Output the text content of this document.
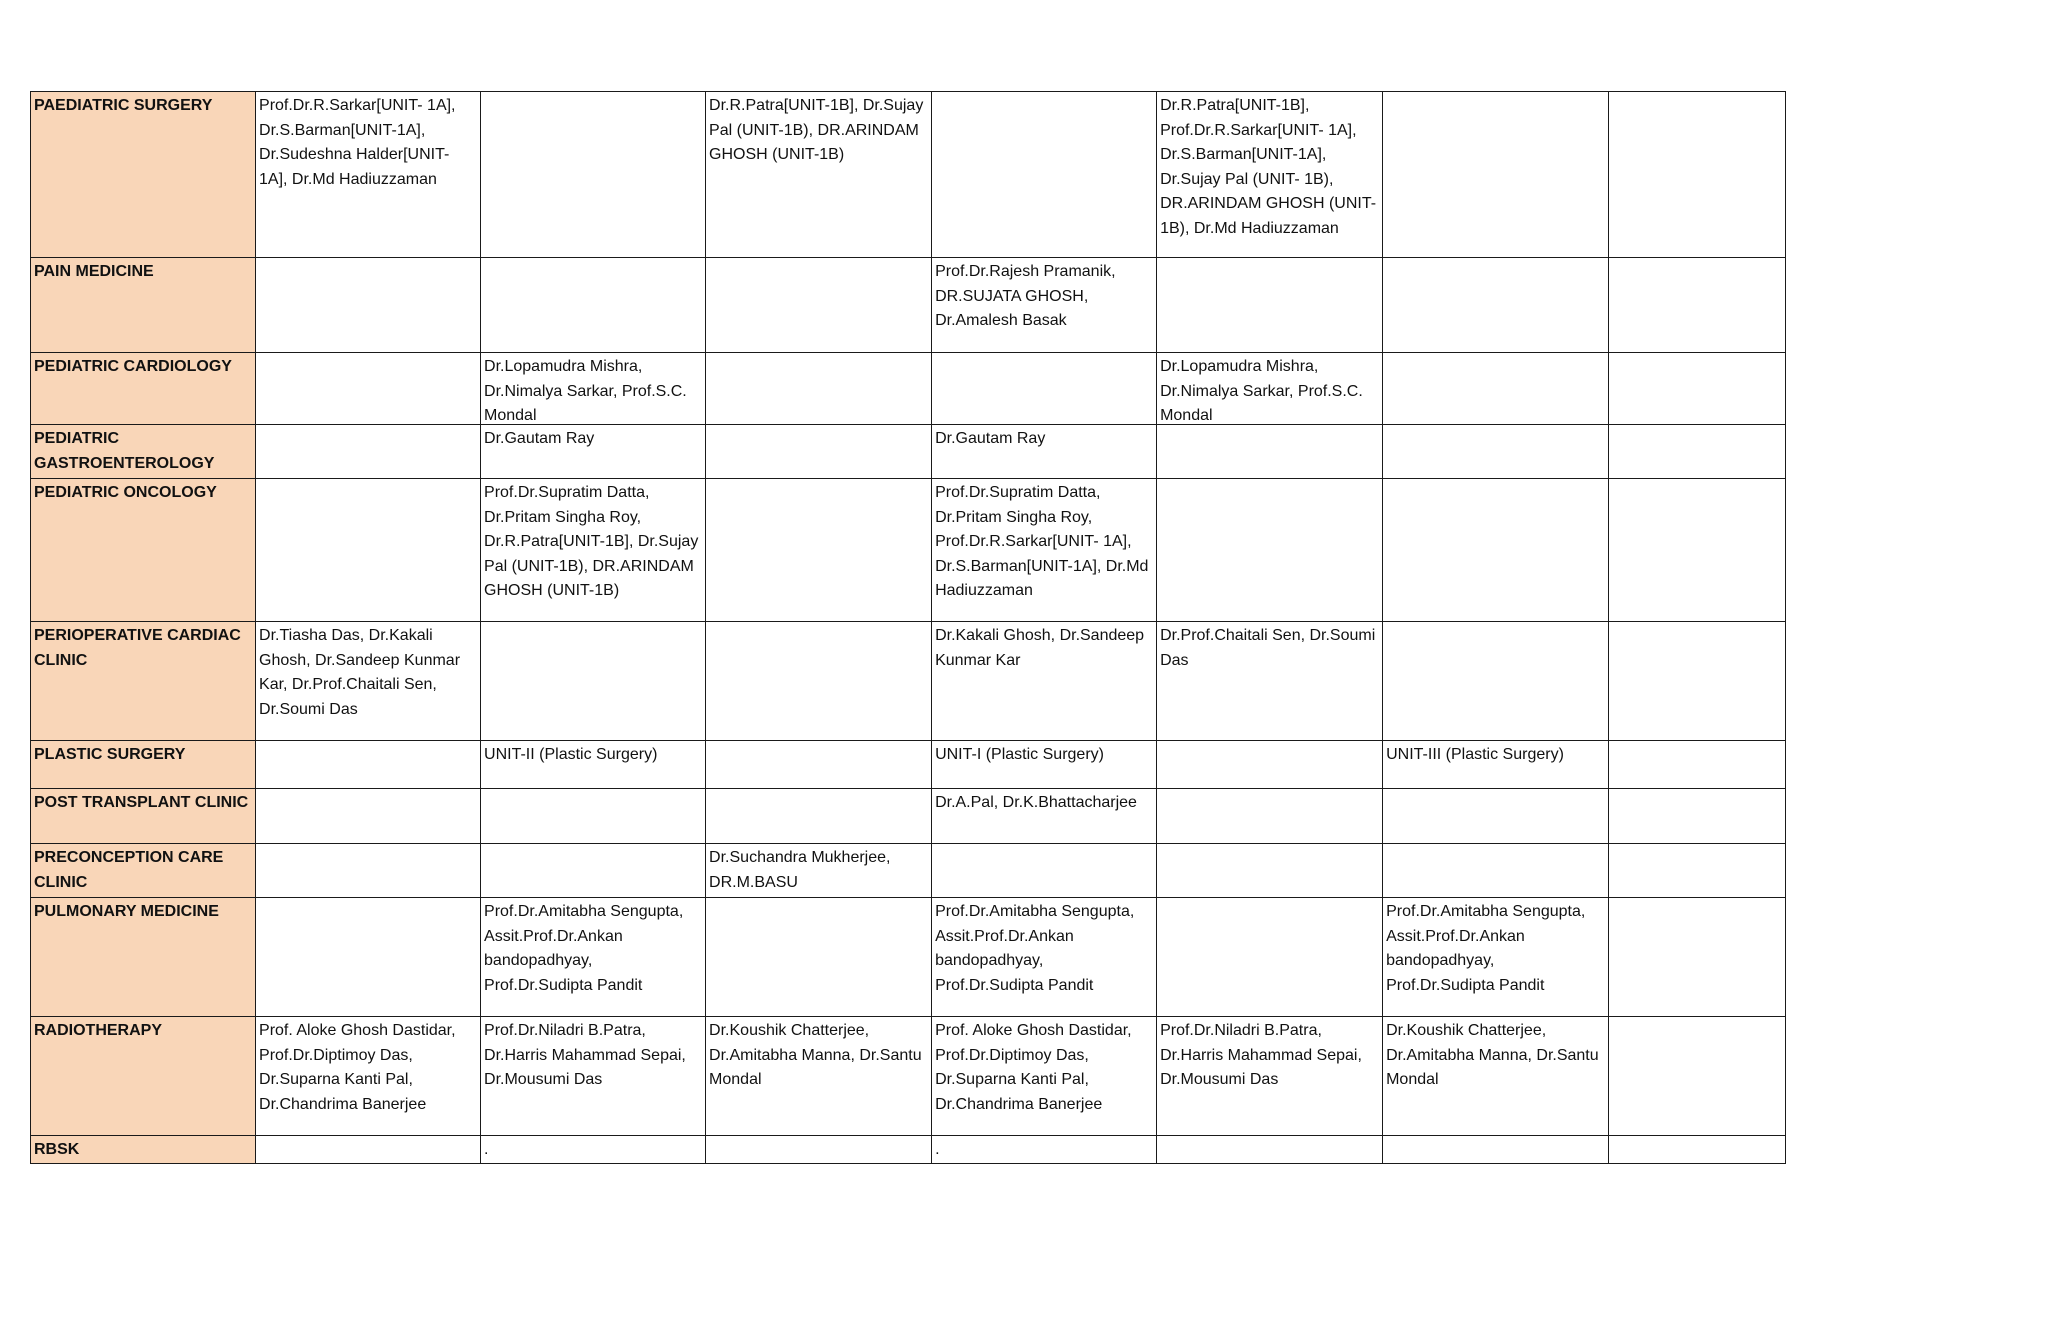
PAEDIATRIC SURGERY	Prof.Dr.R.Sarkar[UNIT- 1A], Dr.S.Barman[UNIT-1A], Dr.Sudeshna Halder[UNIT-1A], Dr.Md Hadiuzzaman		Dr.R.Patra[UNIT-1B], Dr.Sujay Pal (UNIT-1B), DR.ARINDAM GHOSH (UNIT-1B)		Dr.R.Patra[UNIT-1B], Prof.Dr.R.Sarkar[UNIT- 1A], Dr.S.Barman[UNIT-1A], Dr.Sujay Pal (UNIT- 1B), DR.ARINDAM GHOSH (UNIT-1B), Dr.Md Hadiuzzaman		

PAIN MEDICINE				Prof.Dr.Rajesh Pramanik, DR.SUJATA GHOSH, Dr.Amalesh Basak			

PEDIATRIC CARDIOLOGY		Dr.Lopamudra Mishra, Dr.Nimalya Sarkar, Prof.S.C. Mondal			Dr.Lopamudra Mishra, Dr.Nimalya Sarkar, Prof.S.C. Mondal		

PEDIATRIC GASTROENTEROLOGY		Dr.Gautam Ray		Dr.Gautam Ray			

PEDIATRIC ONCOLOGY		Prof.Dr.Supratim Datta, Dr.Pritam Singha Roy, Dr.R.Patra[UNIT-1B], Dr.Sujay Pal (UNIT-1B), DR.ARINDAM GHOSH (UNIT-1B)		Prof.Dr.Supratim Datta, Dr.Pritam Singha Roy, Prof.Dr.R.Sarkar[UNIT- 1A], Dr.S.Barman[UNIT-1A], Dr.Md Hadiuzzaman			

PERIOPERATIVE CARDIAC CLINIC	Dr.Tiasha Das, Dr.Kakali Ghosh, Dr.Sandeep Kunmar Kar, Dr.Prof.Chaitali Sen, Dr.Soumi Das			Dr.Kakali Ghosh, Dr.Sandeep Kunmar Kar	Dr.Prof.Chaitali Sen, Dr.Soumi Das		

PLASTIC SURGERY		UNIT-II (Plastic Surgery)		UNIT-I (Plastic Surgery)		UNIT-III (Plastic Surgery)	

POST TRANSPLANT CLINIC				Dr.A.Pal, Dr.K.Bhattacharjee			

PRECONCEPTION CARE CLINIC			Dr.Suchandra Mukherjee, DR.M.BASU				

PULMONARY MEDICINE		Prof.Dr.Amitabha Sengupta, Assit.Prof.Dr.Ankan bandopadhyay, Prof.Dr.Sudipta Pandit		Prof.Dr.Amitabha Sengupta, Assit.Prof.Dr.Ankan bandopadhyay, Prof.Dr.Sudipta Pandit		Prof.Dr.Amitabha Sengupta, Assit.Prof.Dr.Ankan bandopadhyay, Prof.Dr.Sudipta Pandit	

RADIOTHERAPY	Prof. Aloke Ghosh Dastidar, Prof.Dr.Diptimoy Das, Dr.Suparna Kanti Pal, Dr.Chandrima Banerjee	Prof.Dr.Niladri B.Patra, Dr.Harris Mahammad Sepai, Dr.Mousumi Das	Dr.Koushik Chatterjee, Dr.Amitabha Manna, Dr.Santu Mondal	Prof. Aloke Ghosh Dastidar, Prof.Dr.Diptimoy Das, Dr.Suparna Kanti Pal, Dr.Chandrima Banerjee	Prof.Dr.Niladri B.Patra, Dr.Harris Mahammad Sepai, Dr.Mousumi Das	Dr.Koushik Chatterjee, Dr.Amitabha Manna, Dr.Santu Mondal	

RBSK		.		.			
